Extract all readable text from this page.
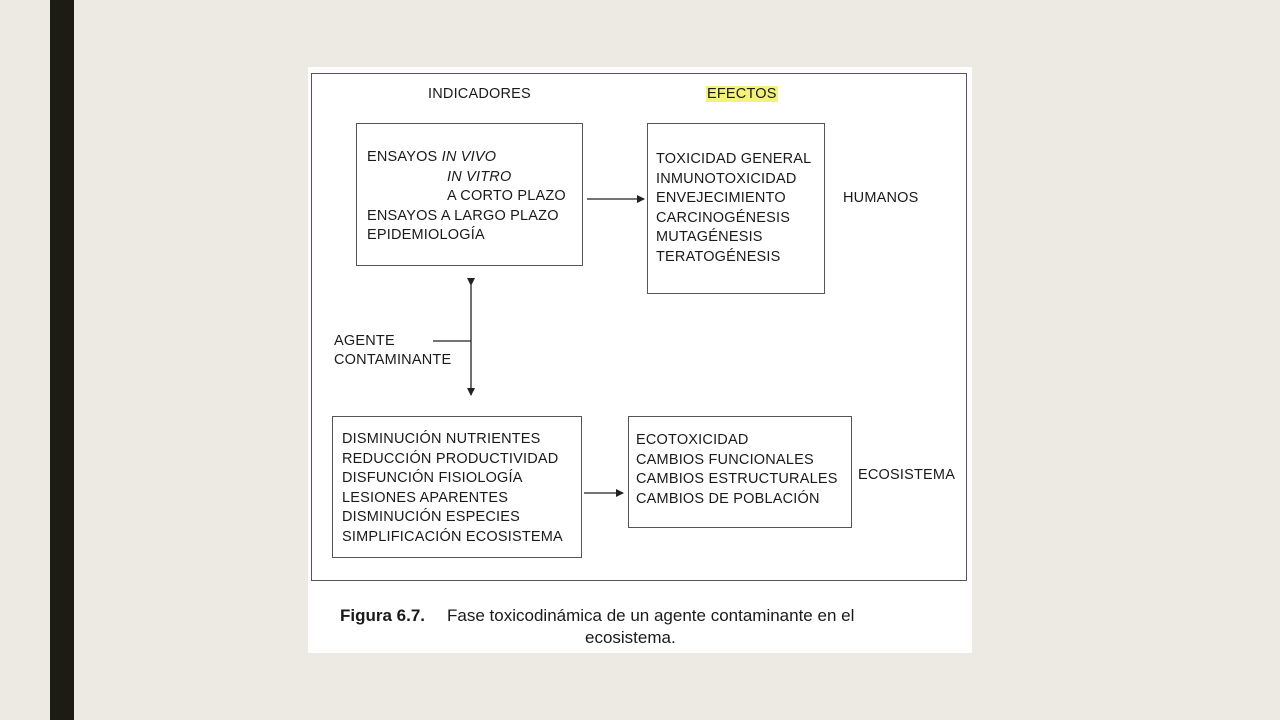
INDICADORES	EFECTOS
ENSAYOS IN VIVO
IN VITRO
A CORTO PLAZO
ENSAYOS A LARGO PLAZO
EPIDEMIOLOGÍA
TOXICIDAD GENERAL
INMUNOTOXICIDAD
ENVEJECIMIENTO
CARCINOGÉNESIS
MUTAGÉNESIS
TERATOGÉNESIS
HUMANOS
AGENTE
CONTAMINANTE
DISMINUCIÓN NUTRIENTES
REDUCCIÓN PRODUCTIVIDAD
DISFUNCIÓN FISIOLOGÍA
LESIONES APARENTES
DISMINUCIÓN ESPECIES
SIMPLIFICACIÓN ECOSISTEMA
ECOTOXICIDAD
CAMBIOS FUNCIONALES
CAMBIOS ESTRUCTURALES
CAMBIOS DE POBLACIÓN
ECOSISTEMA
Figura 6.7. Fase toxicodinámica de un agente contaminante en el
ecosistema.
